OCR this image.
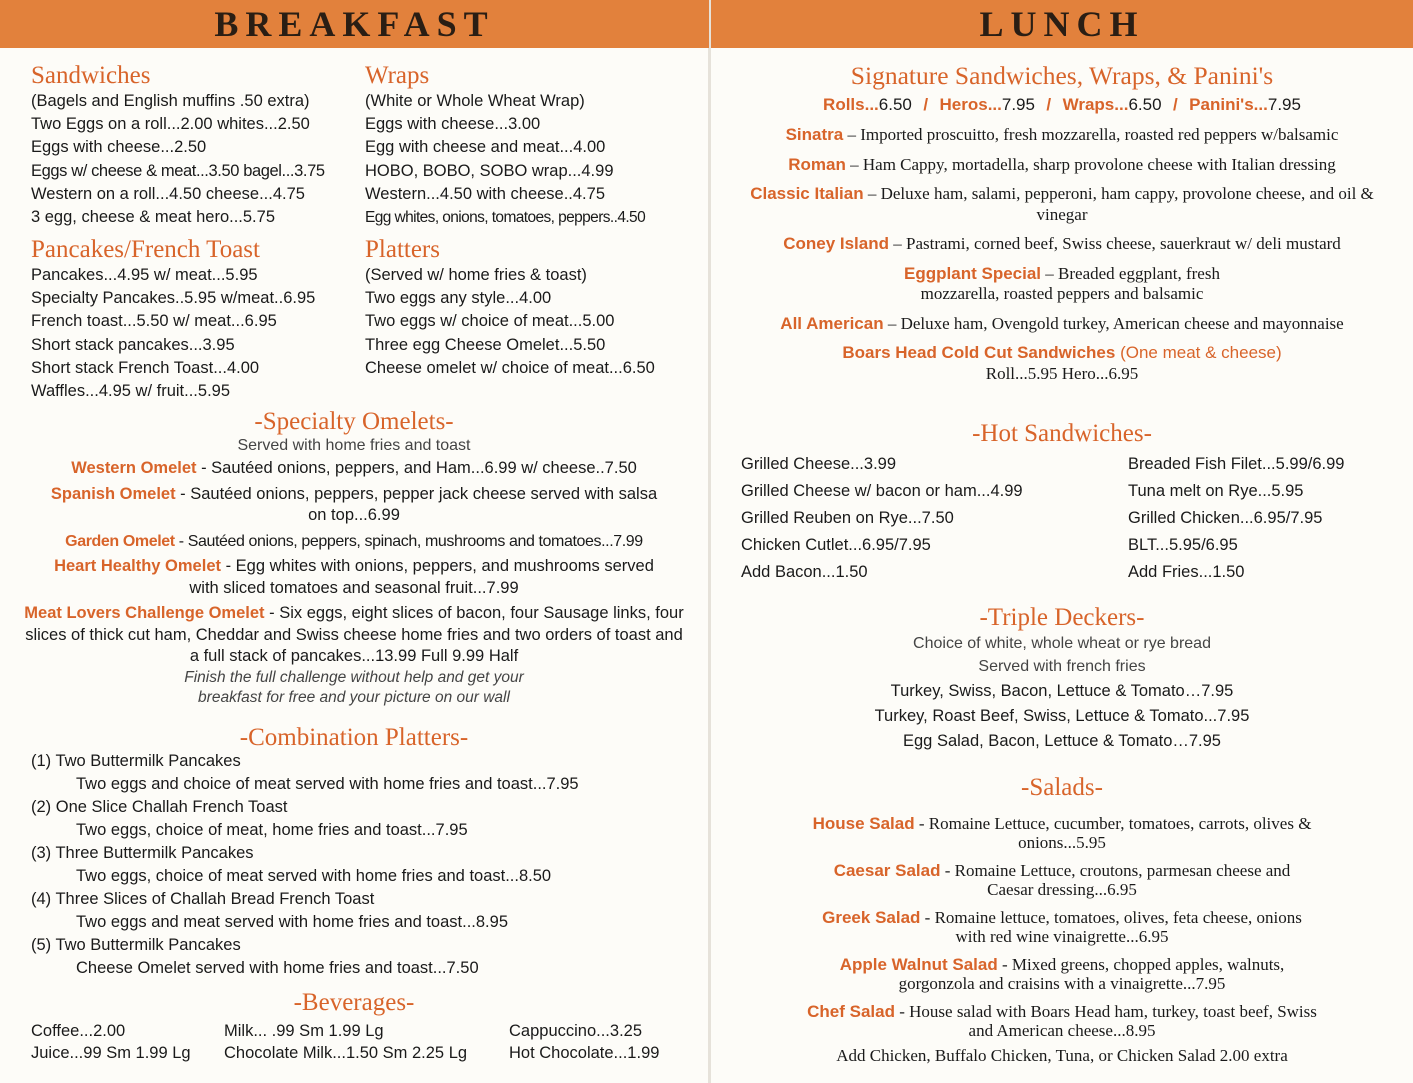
BREAKFAST
Sandwiches

(Bagels and English muffins .50 extra)

Two Eggs on a roll...2.00 whites...2.50

Eggs with cheese...2.50

Eggs w/ cheese & meat...3.50 bagel...3.75

Western on a roll...4.50 cheese...4.75

3 egg, cheese & meat hero...5.75

Wraps

(White or Whole Wheat Wrap)

Eggs with cheese...3.00

Egg with cheese and meat...4.00

HOBO, BOBO, SOBO wrap...4.99

Western...4.50 with cheese..4.75

Egg whites, onions, tomatoes, peppers..4.50

Pancakes/French Toast

Pancakes...4.95 w/ meat...5.95

Specialty Pancakes..5.95 w/meat..6.95

French toast...5.50 w/ meat...6.95

Short stack pancakes...3.95

Short stack French Toast...4.00

Waffles...4.95 w/ fruit...5.95

Platters

(Served w/ home fries & toast)

Two eggs any style...4.00

Two eggs w/ choice of meat...5.00

Three egg Cheese Omelet...5.50

Cheese omelet w/ choice of meat...6.50

-Specialty Omelets-
Served with home fries and toast

Western Omelet - Sautéed onions, peppers, and Ham...6.99 w/ cheese..7.50

Spanish Omelet - Sautéed onions, peppers, pepper jack cheese served with salsa on top...6.99

Garden Omelet - Sautéed onions, peppers, spinach, mushrooms and tomatoes...7.99

Heart Healthy Omelet - Egg whites with onions, peppers, and mushrooms served with sliced tomatoes and seasonal fruit...7.99

Meat Lovers Challenge Omelet - Six eggs, eight slices of bacon, four Sausage links, four slices of thick cut ham, Cheddar and Swiss cheese home fries and two orders of toast and a full stack of pancakes...13.99 Full 9.99 Half

Finish the full challenge without help and get your breakfast for free and your picture on our wall

-Combination Platters-

(1) Two Buttermilk Pancakes

Two eggs and choice of meat served with home fries and toast...7.95

(2) One Slice Challah French Toast

Two eggs, choice of meat, home fries and toast...7.95

(3) Three Buttermilk Pancakes

Two eggs, choice of meat served with home fries and toast...8.50

(4) Three Slices of Challah Bread French Toast

Two eggs and meat served with home fries and toast...8.95

(5) Two Buttermilk Pancakes

Cheese Omelet served with home fries and toast...7.50

-Beverages-
Coffee...2.00
Juice...99 Sm 1.99 Lg
Milk... .99 Sm 1.99 Lg
Chocolate Milk...1.50 Sm 2.25 Lg
Cappuccino...3.25
Hot Chocolate...1.99
LUNCH
Signature Sandwiches, Wraps, & Panini's

Rolls...6.50 / Heros...7.95 / Wraps...6.50 / Panini's...7.95

Sinatra – Imported proscuitto, fresh mozzarella, roasted red peppers w/balsamic

Roman – Ham Cappy, mortadella, sharp provolone cheese with Italian dressing

Classic Italian – Deluxe ham, salami, pepperoni, ham cappy, provolone cheese, and oil & vinegar

Coney Island – Pastrami, corned beef, Swiss cheese, sauerkraut w/ deli mustard

Eggplant Special – Breaded eggplant, fresh mozzarella, roasted peppers and balsamic

All American – Deluxe ham, Ovengold turkey, American cheese and mayonnaise

Boars Head Cold Cut Sandwiches (One meat & cheese)

Roll...5.95 Hero...6.95

-Hot Sandwiches-
Grilled Cheese...3.99
Grilled Cheese w/ bacon or ham...4.99
Grilled Reuben on Rye...7.50
Chicken Cutlet...6.95/7.95
Add Bacon...1.50
Breaded Fish Filet...5.99/6.99
Tuna melt on Rye...5.95
Grilled Chicken...6.95/7.95
BLT...5.95/6.95
Add Fries...1.50
-Triple Deckers-
Choice of white, whole wheat or rye bread
Served with french fries
Turkey, Swiss, Bacon, Lettuce & Tomato…7.95
Turkey, Roast Beef, Swiss, Lettuce & Tomato...7.95
Egg Salad, Bacon, Lettuce & Tomato…7.95
-Salads-

House Salad - Romaine Lettuce, cucumber, tomatoes, carrots, olives & onions...5.95

Caesar Salad - Romaine Lettuce, croutons, parmesan cheese and Caesar dressing...6.95

Greek Salad - Romaine lettuce, tomatoes, olives, feta cheese, onions with red wine vinaigrette...6.95

Apple Walnut Salad - Mixed greens, chopped apples, walnuts, gorgonzola and craisins with a vinaigrette...7.95

Chef Salad - House salad with Boars Head ham, turkey, toast beef, Swiss and American cheese...8.95

Add Chicken, Buffalo Chicken, Tuna, or Chicken Salad 2.00 extra
